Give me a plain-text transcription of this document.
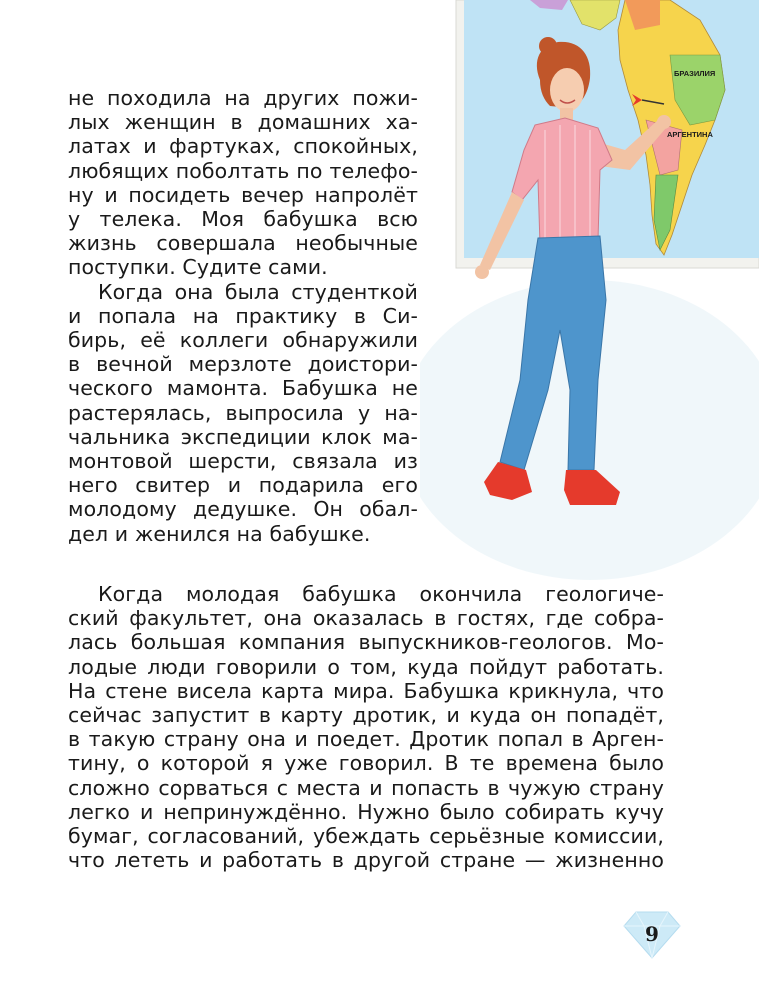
БРАЗИЛИЯ
АРГЕНТИНА
не походила на других пожи-
лых женщин в домашних ха-
латах и фартуках, спокойных,
любящих поболтать по телефо-
ну и посидеть вечер напролёт
у телека. Моя бабушка всю
жизнь совершала необычные
поступки. Судите сами.
Когда она была студенткой
и попала на практику в Си-
бирь, её коллеги обнаружили
в вечной мерзлоте доистори-
ческого мамонта. Бабушка не
растерялась, выпросила у на-
чальника экспедиции клок ма-
монтовой шерсти, связала из
него свитер и подарила его
молодому дедушке. Он обал-
дел и женился на бабушке.
Когда молодая бабушка окончила геологиче-
ский факультет, она оказалась в гостях, где собра-
лась большая компания выпускников-геологов. Мо-
лодые люди говорили о том, куда пойдут работать.
На стене висела карта мира. Бабушка крикнула, что
сейчас запустит в карту дротик, и куда он попадёт,
в такую страну она и поедет. Дротик попал в Арген-
тину, о которой я уже говорил. В те времена было
сложно сорваться с места и попасть в чужую страну
легко и непринуждённо. Нужно было собирать кучу
бумаг, согласований, убеждать серьёзные комиссии,
что лететь и работать в другой стране — жизненно
9
